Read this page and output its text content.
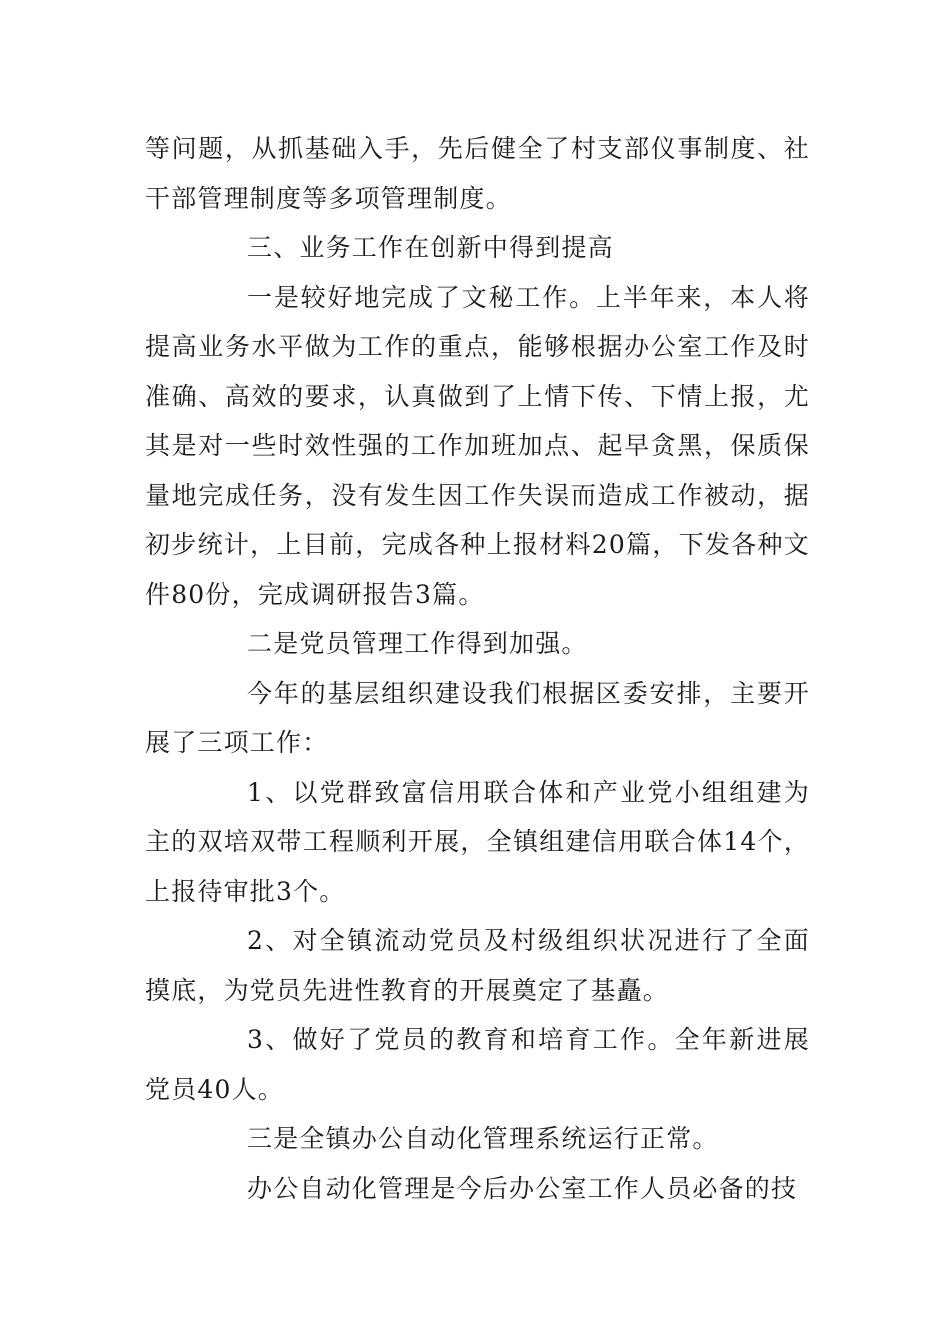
等问题，从抓基础入手，先后健全了村支部仪事制度、社干部管理制度等多项管理制度。

三、业务工作在创新中得到提高

一是较好地完成了文秘工作。上半年来，本人将提高业务水平做为工作的重点，能够根据办公室工作及时准确、高效的要求，认真做到了上情下传、下情上报，尤其是对一些时效性强的工作加班加点、起早贪黑，保质保量地完成任务，没有发生因工作失误而造成工作被动，据初步统计，上目前，完成各种上报材料20篇，下发各种文件80份，完成调研报告3篇。

二是党员管理工作得到加强。

今年的基层组织建设我们根据区委安排，主要开展了三项工作：

1、以党群致富信用联合体和产业党小组组建为主的双培双带工程顺利开展，全镇组建信用联合体14个，上报待审批3个。

2、对全镇流动党员及村级组织状况进行了全面摸底，为党员先进性教育的开展奠定了基矗。

3、做好了党员的教育和培育工作。全年新进展党员40人。

三是全镇办公自动化管理系统运行正常。

办公自动化管理是今后办公室工作人员必备的技
